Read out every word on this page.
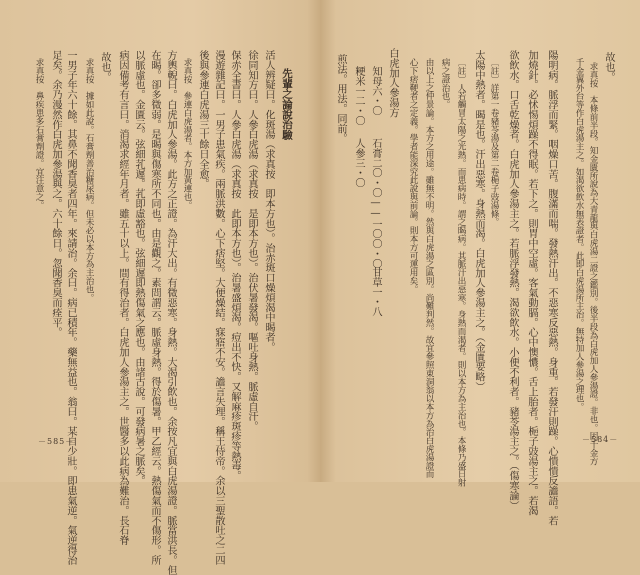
先輩之論說治驗
活人辨疑曰。化斑湯（求真按　即本方也）。治赤斑口燥煩渴中暍者。
徐同知方曰。人參白虎湯（求真按　是即本方也）。治伏暑發渴。嘔吐身熱。脈虛自汗。
保赤全書曰。人參白虎湯（求真按　此即本方也）。治暑盛煩渴。痘出不快。又解麻疹斑疹等熱毒。
漫遊雜記曰。一男子患氣疾。兩脈洪數。心下痞堅。大便燥結。寐寤不安。譫言失理。稱王侍帝。余以三聖散吐之二四
後與參連白虎湯三十餘日全愈。
求真按　參連白虎湯者。本方加黃連也。
方輿輗曰。白虎加人參湯。此方之正證。為汗大出。有微惡寒。身熱。大渴引飲也。余按凡宜與白虎湯證。脈當洪長。但
在暍。卻多微弱。是暍與傷寒所不同也。由是觀之。素問謂云。脈虛身熱。得於傷暑。甲乙經云。熱傷氣而不傷形。所
以脈虛也。金匱云。弦細芤遲。芤即虛豁也。弦細遲即熱傷氣之應也。由諸古說。可發病暑之脈矣。
病因備考有言曰。消渴求經年月者。雖五十以上。間有得治者。白虎加人參湯主之。世醫多以此病為難治。長石脊
故也。
求真按　據如此說。石膏劑善治糖尿病。但未必以本方為主治也。
一男子年六十餘。其鼻不聞香臭者四年。來請治。余曰。病已積年。藥無益也。翁曰。某自少壯。即患氣逆。氣逆得治
足矣。余乃漫然作白虎加參湯與之。六十餘日。忽聞香臭而痊平。
求真按　鼻疾患多石膏劑證。宜注意之。
－585－
故也。
求真按　本條前半段。知金匱所說為大青龍與白虎湯二證之鑑別。後半段為白虎加人參湯證。非也。因千金方
千金翼外台等作白虎湯主之。如渴欲飲水無表證者。此即白虎湯所主治。無特加人參湯之理也。
陽明病。脈浮而緊。咽燥口苦。腹滿而喘。發熱汗出。不惡寒反惡熱。身重。若發汗則躁。心憒憒反譫語。若
加燒針。必怵惕煩躁不得眠。若下之。則胃中空虛。客氣動膈。心中懊憹。舌上胎者。梔子豉湯主之。若渴
欲飲水。口舌乾燥者。白虎加人參湯主之。若脈浮發熱。渴欲飲水。小便不利者。豬苓湯主之。（傷寒論）
〔註〕詳第一卷豬苓湯及第二卷梔子豉湯條。
太陽中熱者。暍是也。汗出惡寒。身熱而渴。白虎加人參湯主之。（金匱要略）
〔註〕人若觸冒太陽之光熱。而患病時。謂之暍病。其脈汗出惡寒。身熱而渴者。則以本方為主治也。本條乃盛日射
病之證治也。
由以上之仲景論。本方之用途。雖無不明。然與白虎湯之區別。尚難判然。故宜參照東洞翁以本方為治白虎湯證而
心下痞鞕者之定義。學者能深究此說與前論。則本方可運用矣。
白虎加人參湯方
知母六・〇
石膏二〇・〇——一〇〇・〇
甘草一・八
粳米一二・〇
人參三・〇
煎法。用法。同前。
－584－
